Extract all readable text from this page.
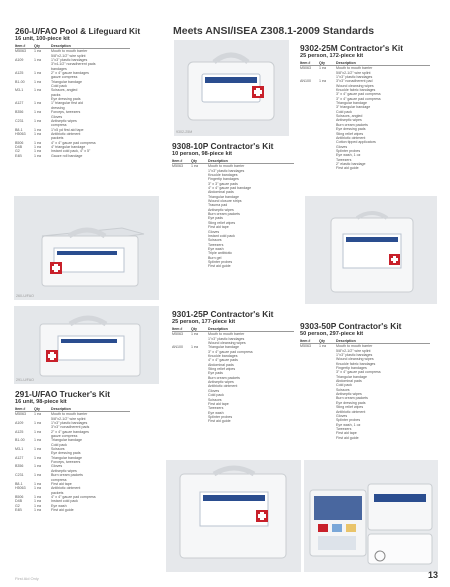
Meets ANSI/ISEA Z308.1-2009 Standards
260-U/FAO Pool & Lifeguard Kit
16 unit, 100-piece kit
Item #	Qty	Description
M5063	1 ea	Mouth to mouth barrier
5/8"x2-1/2" wire splint
A109	1 ea	1"x3" plastic bandages
3"x4-1/2" nonadherent pads
bandages
A125	1 ea	2" x 4" gauze bandages
gauze compress
B1-00	1 ea	Triangular bandage
Cold pack
M3-1	1 ea	Scissors, angled
packs
Eye dressing pads
A127	1 ea	1" triangular first aid
dressing
B356	1 ea	Forceps, tweezers
Gloves
C231	1 ea	Antiseptic wipes
compress
B8-1	1 ea	1"x5 yd first aid tape
H5063	1 ea	Antibiotic ointment
packets
B506	1 ea	4" x 4" gauze pad compress
D4B	1 ea	4" triangular bandage
G2	1 ea	Instant cold pack, 4" x 5"
E4B	1 ea	Gauze roll bandage
9302-25M
9302-25M Contractor's Kit
25 person, 172-piece kit
Item #	Qty	Description
M5063	1 ea	Mouth to mouth barrier
5/8"x2-1/2" wire splint
1"x3" plastic bandages
AN100	1 ea	3"x3" nonadherent pad
Wound cleansing wipes
Knuckle fabric bandages
3" x 4" gauze pad compress
3" x 4" gauze pad compress
Triangular bandage
3" triangular bandage
Cold pack
Scissors, angled
Antiseptic wipes
Burn cream packets
Eye dressing pads
Sting relief wipes
Antibiotic ointment
Cotton tipped applicators
Gloves
Splinter probes
Eye wash, 1 oz
Tweezers
2" elastic bandage
First aid guide
260-U/FAO
9308-10P Contractor's Kit
10 person, 98-piece kit
Item #	Qty	Description
M5063	1 ea	Mouth to mouth barrier
1"x3" plastic bandages
Knuckle bandages
Fingertip bandages
3" x 3" gauze pads
4" x 4" gauze pad bandage
Abdominal pads
Triangular bandage
Wound closure strips
Trauma pad
Antiseptic wipes
Burn cream packets
Eye pads
Sting relief wipes
First aid tape
Gloves
Instant cold pack
Scissors
Tweezers
Eye wash
Triple antibiotic
Burn gel
Splinter probes
First aid guide
291-U/FAO
9301-25P Contractor's Kit
25 person, 177-piece kit
Item #	Qty	Description
M5063	1 ea	Mouth to mouth barrier
1"x3" plastic bandages
Wound cleansing wipes
AN100	1 ea	Triangular bandage
3" x 4" gauze pad compress
Knuckle bandages
4" x 4" gauze pads
Abdominal pads
Sting relief wipes
Eye pads
Burn cream packets
Antiseptic wipes
Antibiotic ointment
Gloves
Cold pack
Scissors
First aid tape
Tweezers
Eye wash
Splinter probes
First aid guide
9303-50P Contractor's Kit
50 person, 297-piece kit
Item #	Qty	Description
M5063	1 ea	Mouth to mouth barrier
5/8"x2-1/2" wire splint
1"x3" plastic bandages
Wound cleansing wipes
Knuckle fabric bandages
Fingertip bandages
3" x 4" gauze pad compress
Triangular bandage
Abdominal pads
Cold pack
Scissors
Antiseptic wipes
Burn cream packets
Eye dressing pads
Sting relief wipes
Antibiotic ointment
Gloves
Splinter probes
Eye wash, 1 oz
Tweezers
First aid tape
First aid guide
291-U/FAO Trucker's Kit
16 unit, 98-piece kit
Item #	Qty	Description
M5063	1 ea	Mouth to mouth barrier
5/8"x2-1/2" wire splint
A109	1 ea	1"x3" plastic bandages
3"x3" nonadherent pads
A125	1 ea	2" x 4" gauze bandages
gauze compress
B1-00	1 ea	Triangular bandage
Cold pack
M3-1	1 ea	Scissors
Eye dressing pads
A127	1 ea	Triangular bandage
Forceps, tweezers
B356	1 ea	Gloves
Antiseptic wipes
C231	1 ea	Burn cream packets
compress
B8-1	1 ea	First aid tape
H5063	1 ea	Antibiotic ointment
packets
B506	1 ea	4" x 4" gauze pad compress
D4B	1 ea	Instant cold pack
G2	1 ea	Eye wash
E4B	1 ea	First aid guide
First Aid Only	13
